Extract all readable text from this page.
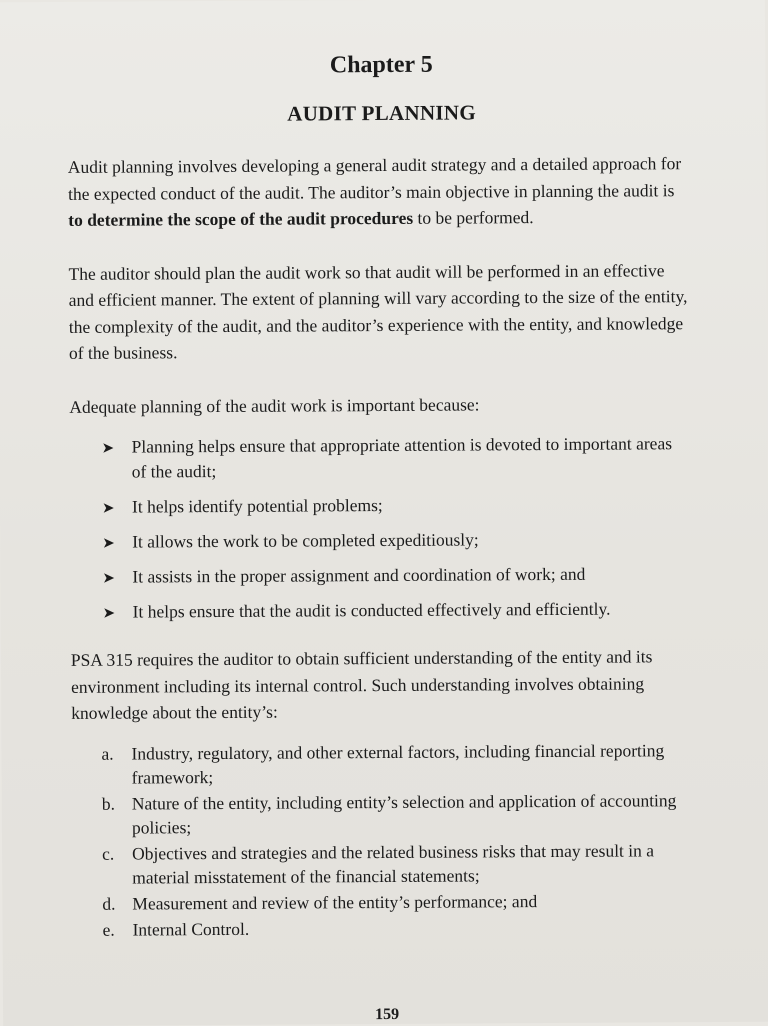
Chapter 5
AUDIT PLANNING

Audit planning involves developing a general audit strategy and a detailed approach for the expected conduct of the audit. The auditor’s main objective in planning the audit is to determine the scope of the audit procedures to be performed.

The auditor should plan the audit work so that audit will be performed in an effective and efficient manner. The extent of planning will vary according to the size of the entity, the complexity of the audit, and the auditor’s experience with the entity, and knowledge of the business.

Adequate planning of the audit work is important because:

➤ Planning helps ensure that appropriate attention is devoted to important areas of the audit;
➤ It helps identify potential problems;
➤ It allows the work to be completed expeditiously;
➤ It assists in the proper assignment and coordination of work; and
➤ It helps ensure that the audit is conducted effectively and efficiently.

PSA 315 requires the auditor to obtain sufficient understanding of the entity and its environment including its internal control. Such understanding involves obtaining knowledge about the entity’s:

a. Industry, regulatory, and other external factors, including financial reporting framework;
b. Nature of the entity, including entity’s selection and application of accounting policies;
c. Objectives and strategies and the related business risks that may result in a material misstatement of the financial statements;
d. Measurement and review of the entity’s performance; and
e. Internal Control.
159
